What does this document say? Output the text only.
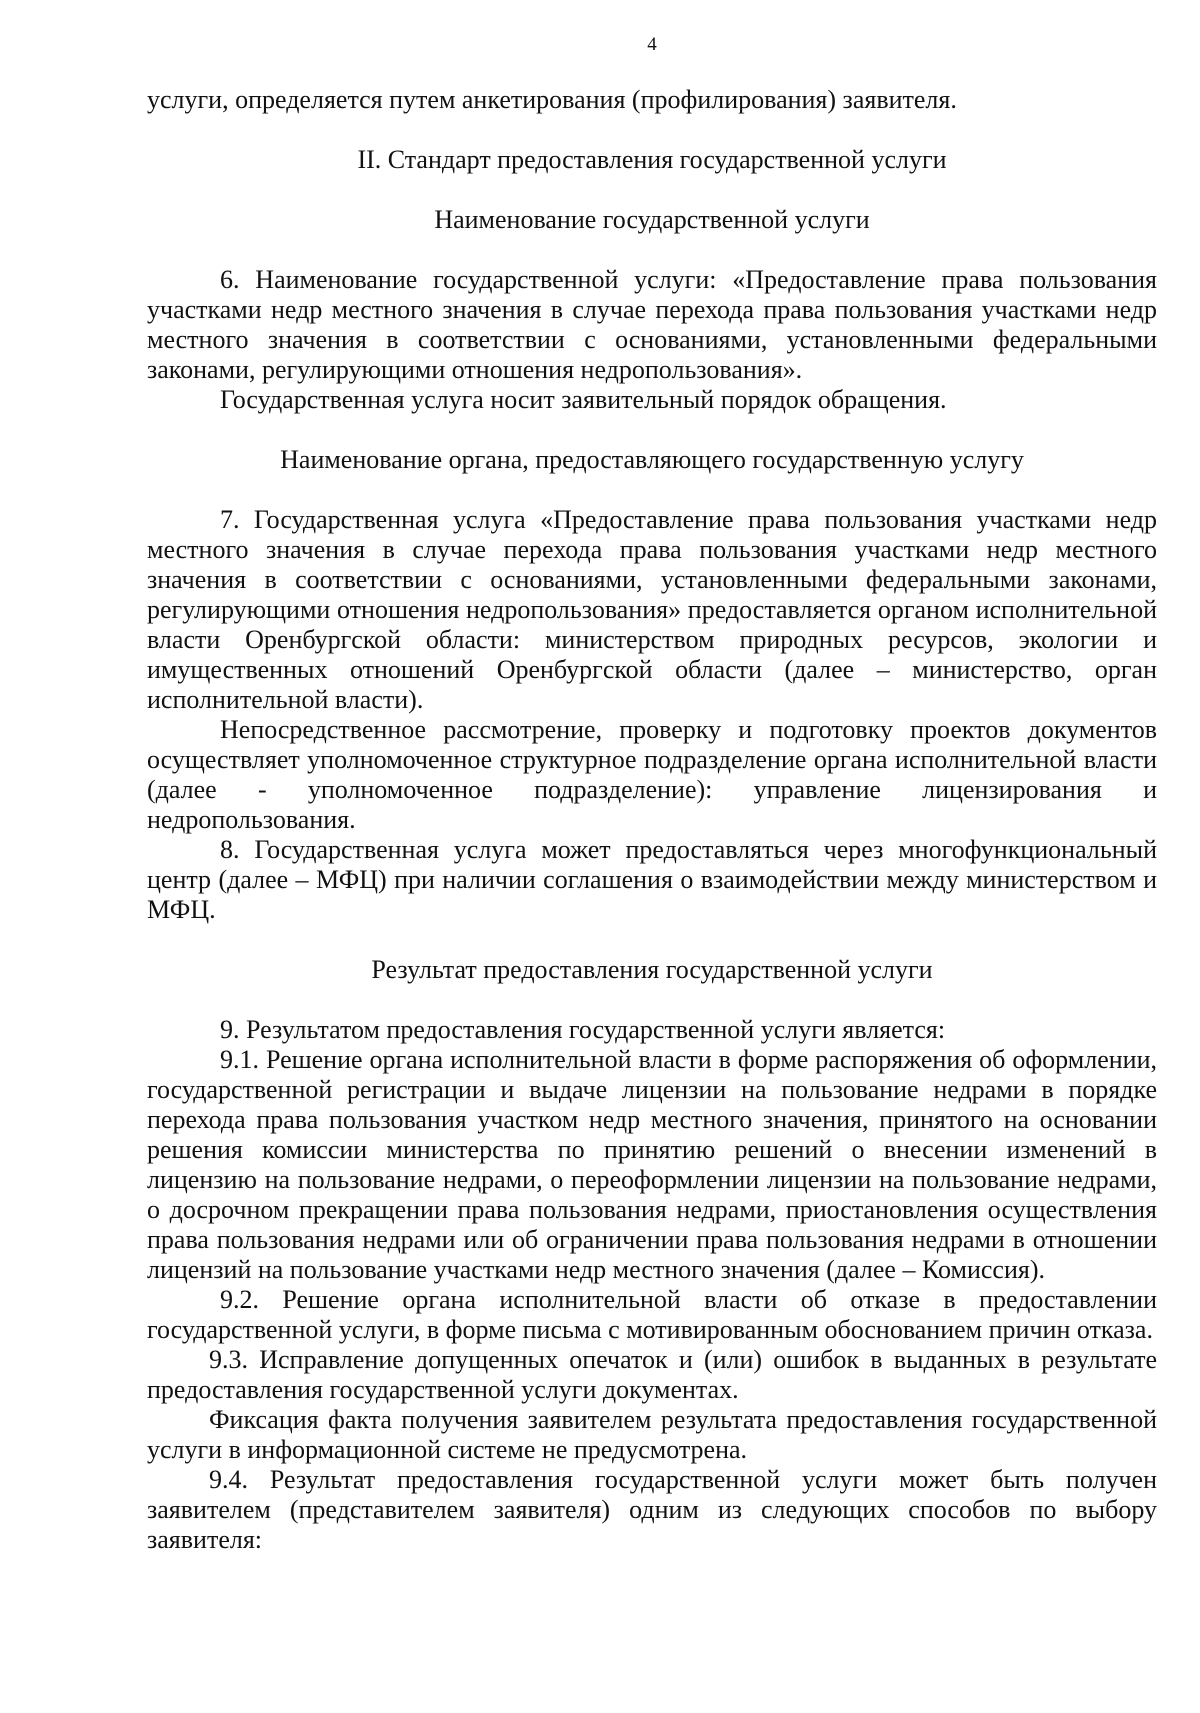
4

услуги, определяется путем анкетирования (профилирования) заявителя.

II. Стандарт предоставления государственной услуги

Наименование государственной услуги

6. Наименование государственной услуги: «Предоставление права пользования участками недр местного значения в случае перехода права пользования участками недр местного значения в соответствии с основаниями, установленными федеральными законами, регулирующими отношения недропользования».

Государственная услуга носит заявительный порядок обращения.

Наименование органа, предоставляющего государственную услугу

7. Государственная услуга «Предоставление права пользования участками недр местного значения в случае перехода права пользования участками недр местного значения в соответствии с основаниями, установленными федеральными законами, регулирующими отношения недропользования» предоставляется органом исполнительной власти Оренбургской области: министерством природных ресурсов, экологии и имущественных отношений Оренбургской области (далее – министерство, орган исполнительной власти).

Непосредственное рассмотрение, проверку и подготовку проектов документов осуществляет уполномоченное структурное подразделение органа исполнительной власти (далее - уполномоченное подразделение): управление лицензирования и недропользования.

8. Государственная услуга может предоставляться через многофункциональный центр (далее – МФЦ) при наличии соглашения о взаимодействии между министерством и МФЦ.

Результат предоставления государственной услуги

9. Результатом предоставления государственной услуги является:

9.1. Решение органа исполнительной власти в форме распоряжения об оформлении, государственной регистрации и выдаче лицензии на пользование недрами в порядке перехода права пользования участком недр местного значения, принятого на основании решения комиссии министерства по принятию решений о внесении изменений в лицензию на пользование недрами, о переоформлении лицензии на пользование недрами, о досрочном прекращении права пользования недрами, приостановления осуществления права пользования недрами или об ограничении права пользования недрами в отношении лицензий на пользование участками недр местного значения (далее – Комиссия).

9.2. Решение органа исполнительной власти об отказе в предоставлении государственной услуги, в форме письма с мотивированным обоснованием причин отказа.

9.3. Исправление допущенных опечаток и (или) ошибок в выданных в результате предоставления государственной услуги документах.

Фиксация факта получения заявителем результата предоставления государственной услуги в информационной системе не предусмотрена.

9.4. Результат предоставления государственной услуги может быть получен заявителем (представителем заявителя) одним из следующих способов по выбору заявителя:
